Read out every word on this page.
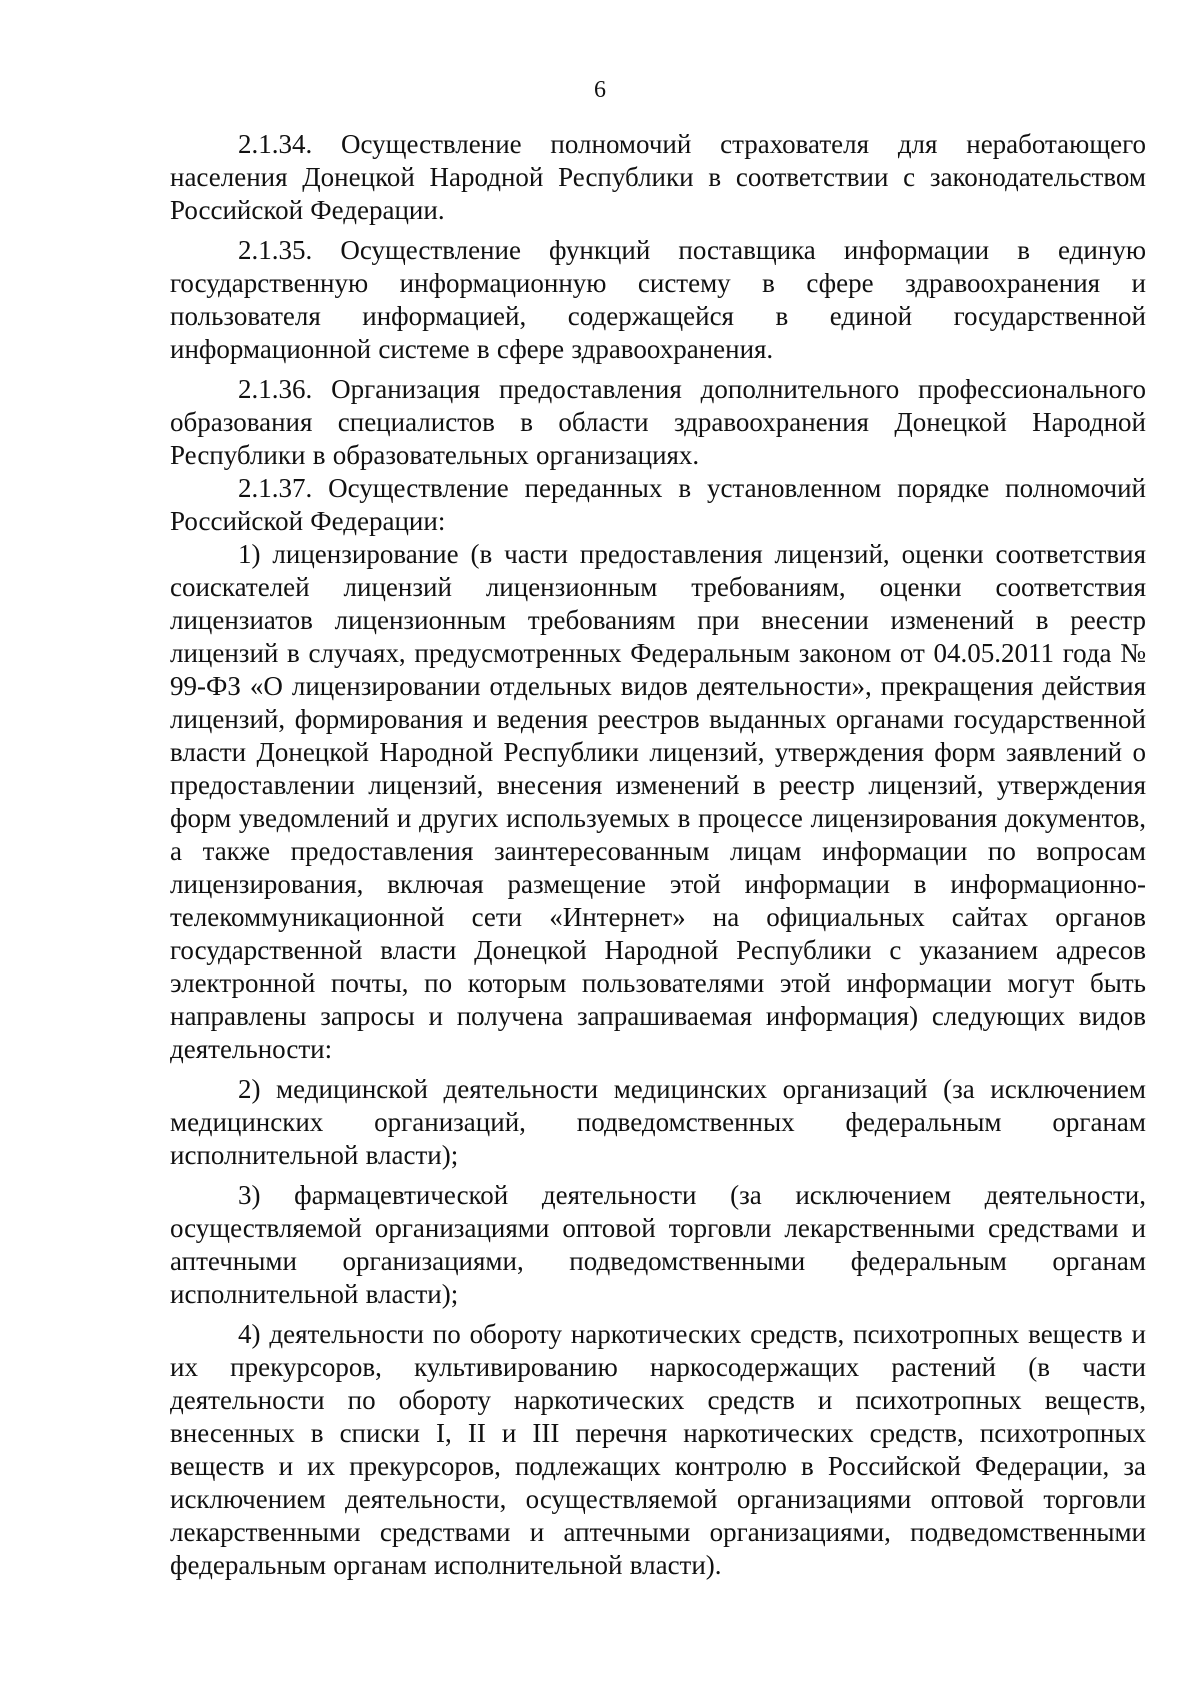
6

2.1.34. Осуществление полномочий страхователя для неработающего населения Донецкой Народной Республики в соответствии с законодательством Российской Федерации.

2.1.35. Осуществление функций поставщика информации в единую государственную информационную систему в сфере здравоохранения и пользователя информацией, содержащейся в единой государственной информационной системе в сфере здравоохранения.

2.1.36. Организация предоставления дополнительного профессионального образования специалистов в области здравоохранения Донецкой Народной Республики в образовательных организациях.

2.1.37. Осуществление переданных в установленном порядке полномочий Российской Федерации:

1) лицензирование (в части предоставления лицензий, оценки соответствия соискателей лицензий лицензионным требованиям, оценки соответствия лицензиатов лицензионным требованиям при внесении изменений в реестр лицензий в случаях, предусмотренных Федеральным законом от 04.05.2011 года № 99-ФЗ «О лицензировании отдельных видов деятельности», прекращения действия лицензий, формирования и ведения реестров выданных органами государственной власти Донецкой Народной Республики лицензий, утверждения форм заявлений о предоставлении лицензий, внесения изменений в реестр лицензий, утверждения форм уведомлений и других используемых в процессе лицензирования документов, а также предоставления заинтересованным лицам информации по вопросам лицензирования, включая размещение этой информации в информационно-телекоммуникационной сети «Интернет» на официальных сайтах органов государственной власти Донецкой Народной Республики с указанием адресов электронной почты, по которым пользователями этой информации могут быть направлены запросы и получена запрашиваемая информация) следующих видов деятельности:

2) медицинской деятельности медицинских организаций (за исключением медицинских организаций, подведомственных федеральным органам исполнительной власти);

3) фармацевтической деятельности (за исключением деятельности, осуществляемой организациями оптовой торговли лекарственными средствами и аптечными организациями, подведомственными федеральным органам исполнительной власти);

4) деятельности по обороту наркотических средств, психотропных веществ и их прекурсоров, культивированию наркосодержащих растений (в части деятельности по обороту наркотических средств и психотропных веществ, внесенных в списки I, II и III перечня наркотических средств, психотропных веществ и их прекурсоров, подлежащих контролю в Российской Федерации, за исключением деятельности, осуществляемой организациями оптовой торговли лекарственными средствами и аптечными организациями, подведомственными федеральным органам исполнительной власти).
